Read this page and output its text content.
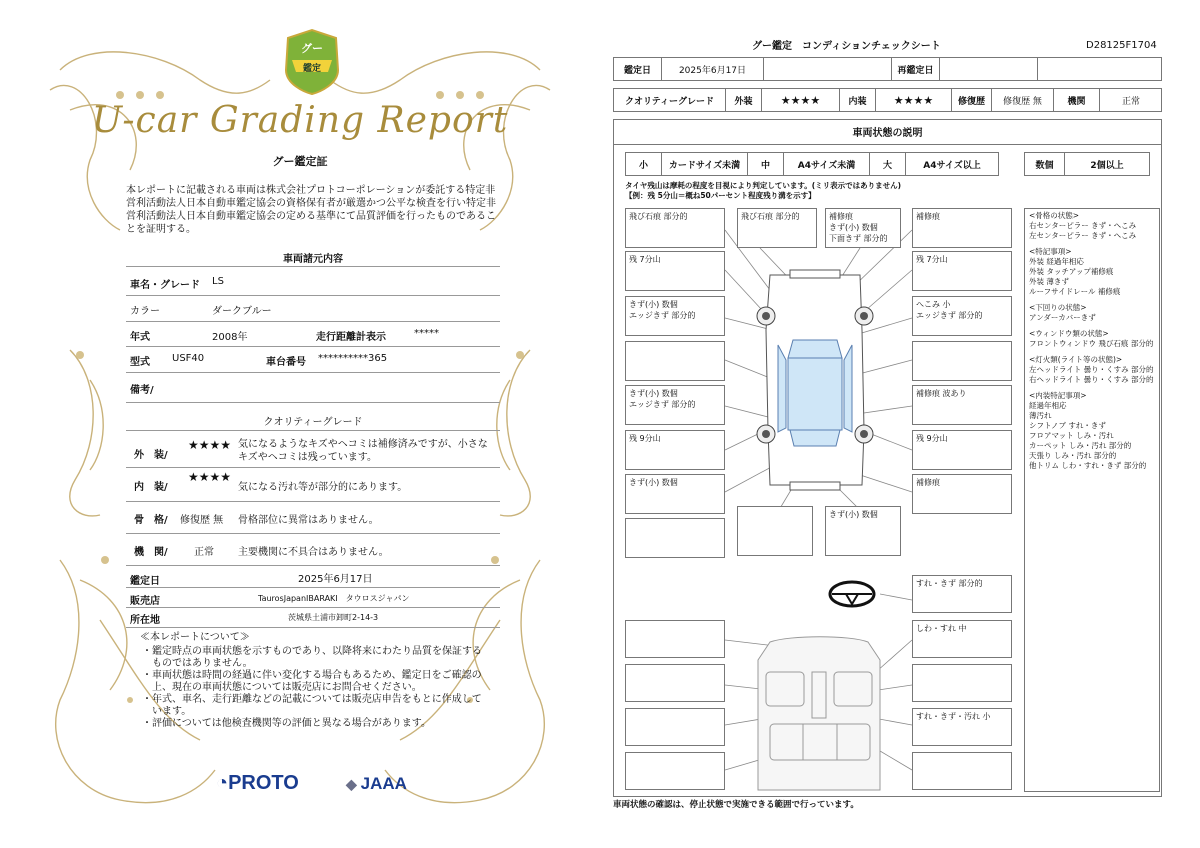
グー
鑑定
U-car Grading Report
グー鑑定証
本レポートに記載される車両は株式会社プロトコーポレーションが委託する特定非営利活動法人日本自動車鑑定協会の資格保有者が厳選かつ公平な検査を行い特定非営利活動法人日本自動車鑑定協会の定める基準にて品質評価を行ったものであることを証明する。
車両諸元内容
車名・グレード LS
カラー	ダークブルー
年式	2008年	走行距離計表示	*****
型式 USF40	車台番号 **********365
備考/
クオリティーグレード
外　装/
★★★★ 気になるようなキズやヘコミは補修済みですが、小さなキズやヘコミは残っています。
内　装/
★★★★
気になる汚れ等が部分的にあります。
骨　格/ 修復歴 無 骨格部位に異常はありません。
機　関/	正常 主要機関に不具合はありません。
鑑定日	2025年6月17日
販売店	TaurosJapanIBARAKI　タウロスジャパン
所在地	茨城県土浦市卸町2-14-3
≪本レポートについて≫
・鑑定時点の車両状態を示すものであり、以降将来にわたり品質を保証するものではありません。
・車両状態は時間の経過に伴い変化する場合もあるため、鑑定日をご確認の上、現在の車両状態については販売店にお問合せください。
・年式、車名、走行距離などの記載については販売店申告をもとに作成しています。
・評価については他検査機関等の評価と異なる場合があります。
◔PROTO	◆ JAAA
グー鑑定　コンディションチェックシート	D28125F1704
鑑定日	2025年6月17日	再鑑定日
クオリティーグレード	外装	★★★★	内装	★★★★	修復歴	修復歴 無	機関	正常
車両状態の説明
小	カードサイズ未満	中	A4サイズ未満	大	A4サイズ以上	数個	2個以上
タイヤ残山は摩耗の程度を目視により判定しています。(ミリ表示ではありません)
【例：残 5分山＝概ね50パーセント程度残り溝を示す】
飛び石痕 部分的	飛び石痕 部分的	補修痕
きず(小) 数個
下面きず 部分的
補修痕
残 7分山	残 7分山
きず(小) 数個
エッジきず 部分的
へこみ 小
エッジきず 部分的
きず(小) 数個
エッジきず 部分的
補修痕 波あり
残 9分山	残 9分山
きず(小) 数個	補修痕
きず(小) 数個
すれ・きず 部分的
しわ・すれ 中
すれ・きず・汚れ 小
<骨格の状態>
右センターピラー きず・へこみ
左センターピラー きず・へこみ
<特記事項>
外装 経過年相応
外装 タッチアップ補修痕
外装 薄きず
ルーフサイドレール 補修痕
<下回りの状態>
アンダーカバーきず
<ウィンドウ類の状態>
フロントウィンドウ 飛び石痕 部分的
<灯火類(ライト等の状態)>
左ヘッドライト 曇り・くすみ 部分的
右ヘッドライト 曇り・くすみ 部分的
<内装特記事項>
経過年相応
薄汚れ
シフトノブ すれ・きず
フロアマット しみ・汚れ
カーペット しみ・汚れ 部分的
天張り しみ・汚れ 部分的
他トリム しわ・すれ・きず 部分的
車両状態の確認は、停止状態で実施できる範囲で行っています。
